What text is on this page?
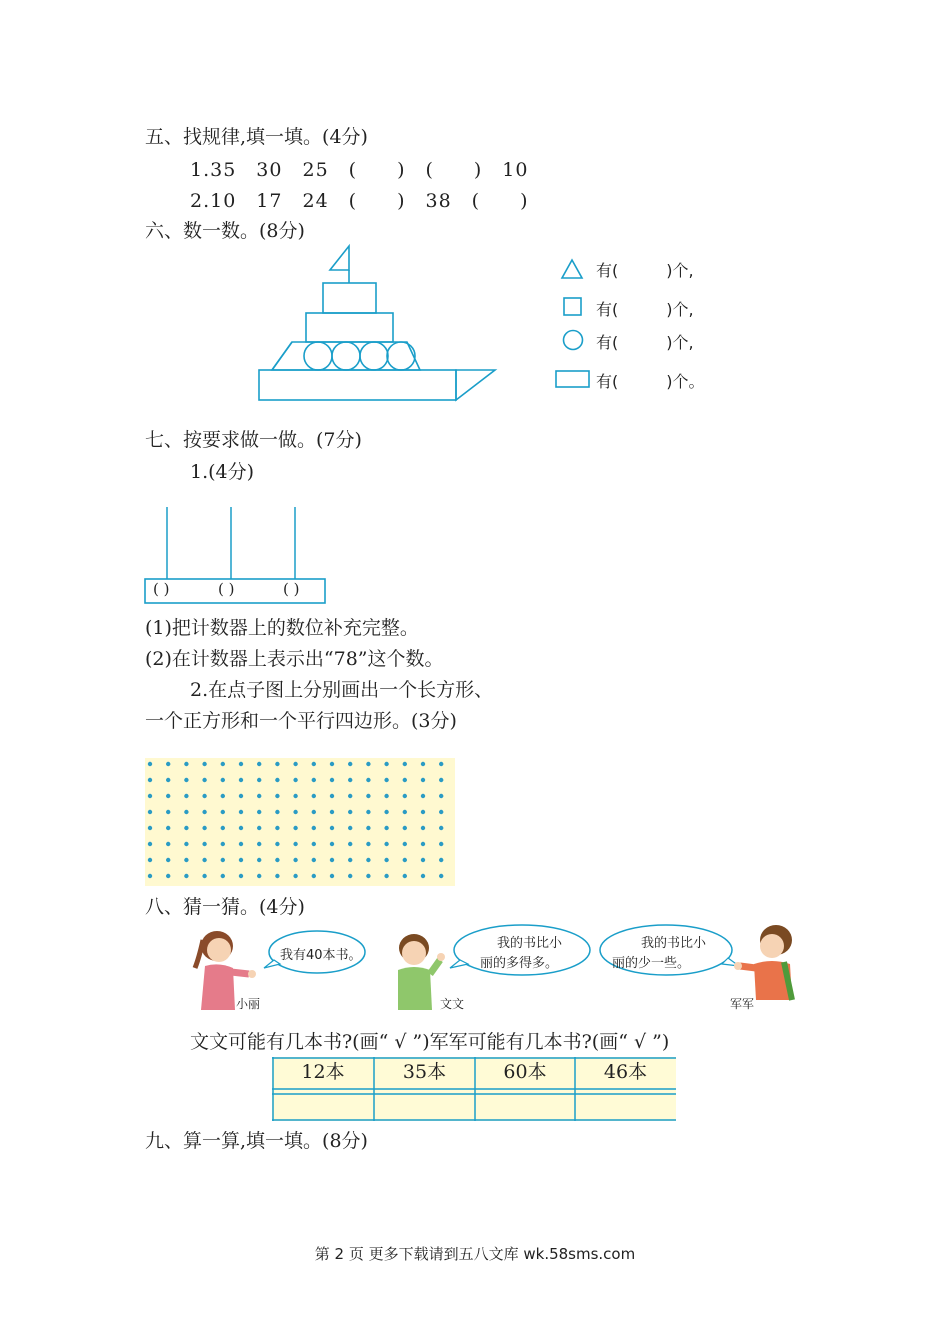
五、找规律,填一填。(4分)
1.35　30　25　(　　)　(　　)　10
2.10　17　24　(　　)　38　(　　)
六、数一数。(8分)
有(　　　)个,
有(　　　)个,
有(　　　)个,
有(　　　)个。
七、按要求做一做。(7分)
1.(4分)
( )	( )	( )
(1)把计数器上的数位补充完整。
(2)在计数器上表示出“78”这个数。
2.在点子图上分别画出一个长方形、
一个正方形和一个平行四边形。(3分)
八、猜一猜。(4分)
小丽
我有40本书。
文文
我的书比小
丽的多得多。
我的书比小
丽的少一些。
军军
文文可能有几本书?(画“ √ ”)军军可能有几本书?(画“ √ ”)
12本	35本	60本	46本
九、算一算,填一填。(8分)
第 2 页 更多下载请到五八文库 wk.58sms.com
